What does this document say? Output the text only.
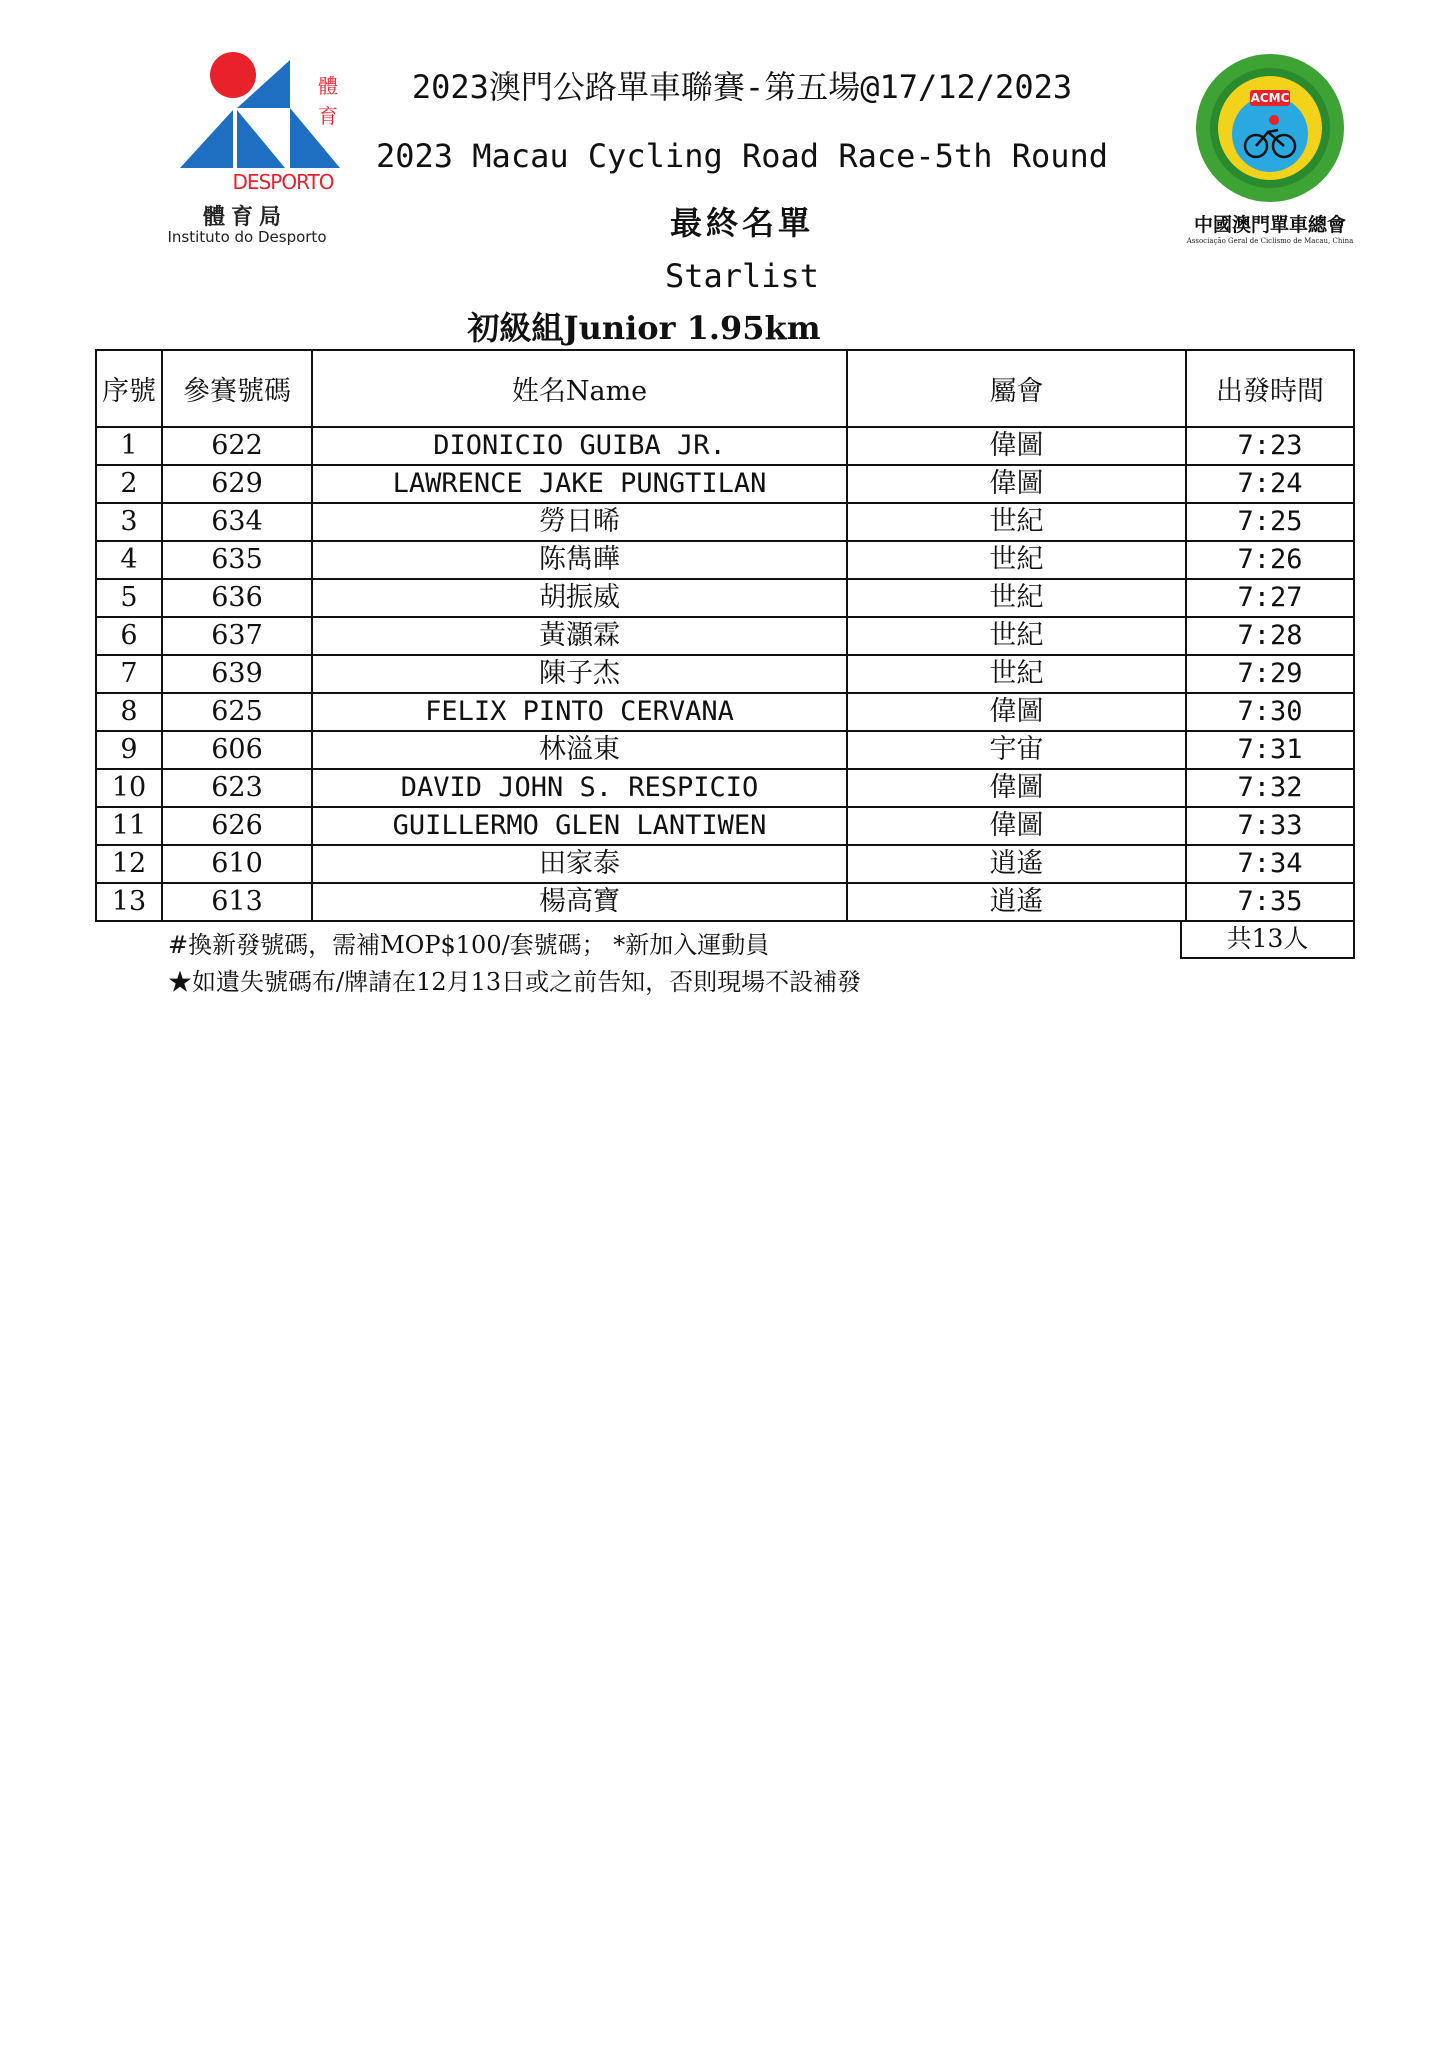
體
育
DESPORTO
體育局
Instituto do Desporto
2023澳門公路單車聯賽-第五場@17/12/2023
2023 Macau Cycling Road Race-5th Round
最終名單
Starlist
初級組Junior 1.95km
ACMC
中國澳門單車總會
Associação Geral de Ciclismo de Macau, China
序號	參賽號碼	姓名Name	屬會	出發時間
1	622	DIONICIO GUIBA JR.	偉圖	7:23
2	629	LAWRENCE JAKE PUNGTILAN	偉圖	7:24
3	634	勞日晞	世紀	7:25
4	635	陈雋曄	世紀	7:26
5	636	胡振威	世紀	7:27
6	637	黃灝霖	世紀	7:28
7	639	陳子杰	世紀	7:29
8	625	FELIX PINTO CERVANA	偉圖	7:30
9	606	林溢東	宇宙	7:31
10	623	DAVID JOHN S. RESPICIO	偉圖	7:32
11	626	GUILLERMO GLEN LANTIWEN	偉圖	7:33
12	610	田家泰	逍遙	7:34
13	613	楊高寶	逍遙	7:35
共13人
#換新發號碼，需補MOP$100/套號碼； *新加入運動員
★如遺失號碼布/牌請在12月13日或之前告知，否則現場不設補發
